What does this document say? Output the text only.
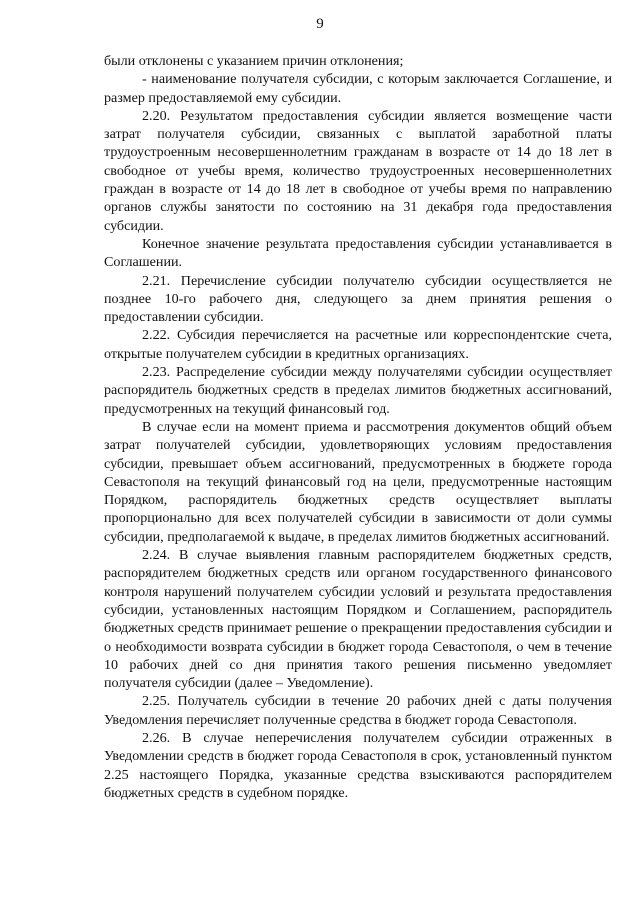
9

были отклонены с указанием причин отклонения;

- наименование получателя субсидии, с которым заключается Соглашение, и размер предоставляемой ему субсидии.

2.20. Результатом предоставления субсидии является возмещение части затрат получателя субсидии, связанных с выплатой заработной платы трудоустроенным несовершеннолетним гражданам в возрасте от 14 до 18 лет в свободное от учебы время, количество трудоустроенных несовершеннолетних граждан в возрасте от 14 до 18 лет в свободное от учебы время по направлению органов службы занятости по состоянию на 31 декабря года предоставления субсидии.

Конечное значение результата предоставления субсидии устанавливается в Соглашении.

2.21. Перечисление субсидии получателю субсидии осуществляется не позднее 10-го рабочего дня, следующего за днем принятия решения о предоставлении субсидии.

2.22. Субсидия перечисляется на расчетные или корреспондентские счета, открытые получателем субсидии в кредитных организациях.

2.23. Распределение субсидии между получателями субсидии осуществляет распорядитель бюджетных средств в пределах лимитов бюджетных ассигнований, предусмотренных на текущий финансовый год.

В случае если на момент приема и рассмотрения документов общий объем затрат получателей субсидии, удовлетворяющих условиям предоставления субсидии, превышает объем ассигнований, предусмотренных в бюджете города Севастополя на текущий финансовый год на цели, предусмотренные настоящим Порядком, распорядитель бюджетных средств осуществляет выплаты пропорционально для всех получателей субсидии в зависимости от доли суммы субсидии, предполагаемой к выдаче, в пределах лимитов бюджетных ассигнований.

2.24. В случае выявления главным распорядителем бюджетных средств, распорядителем бюджетных средств или органом государственного финансового контроля нарушений получателем субсидии условий и результата предоставления субсидии, установленных настоящим Порядком и Соглашением, распорядитель бюджетных средств принимает решение о прекращении предоставления субсидии и о необходимости возврата субсидии в бюджет города Севастополя, о чем в течение 10 рабочих дней со дня принятия такого решения письменно уведомляет получателя субсидии (далее – Уведомление).

2.25. Получатель субсидии в течение 20 рабочих дней с даты получения Уведомления перечисляет полученные средства в бюджет города Севастополя.

2.26. В случае неперечисления получателем субсидии отраженных в Уведомлении средств в бюджет города Севастополя в срок, установленный пунктом 2.25 настоящего Порядка, указанные средства взыскиваются распорядителем бюджетных средств в судебном порядке.
